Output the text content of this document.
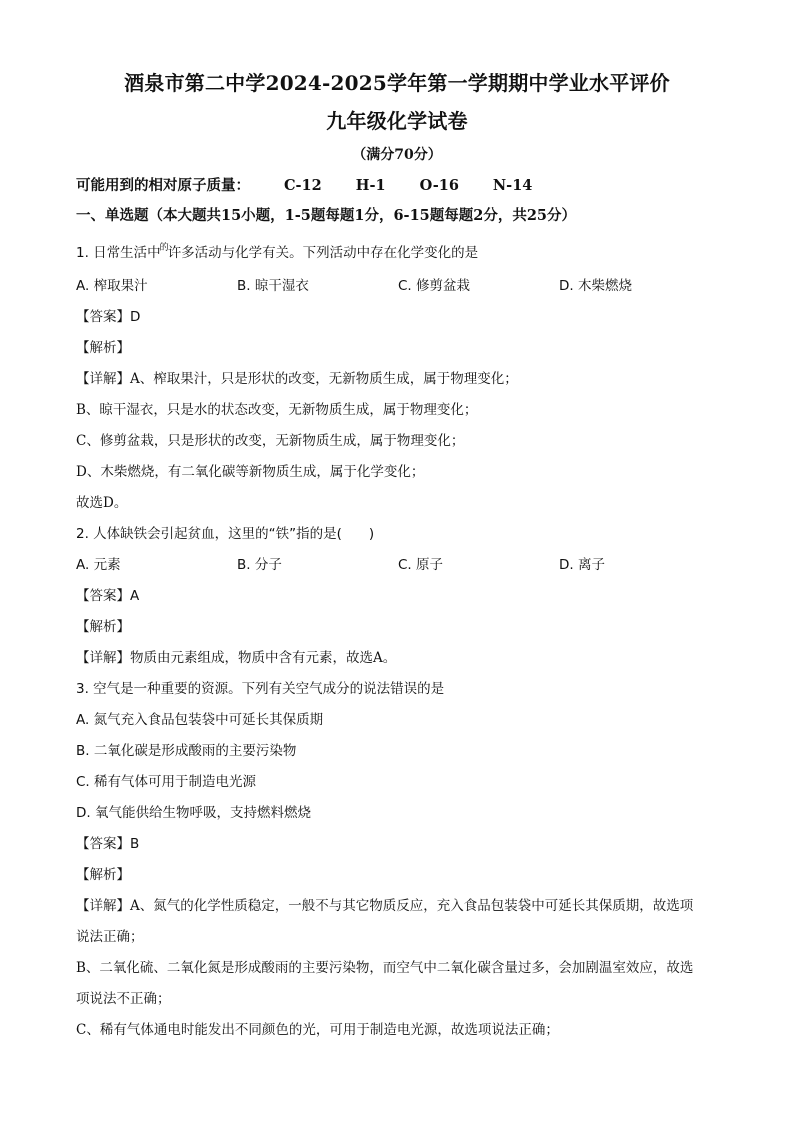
酒泉市第二中学2024-2025学年第一学期期中学业水平评价
九年级化学试卷
（满分70分）
可能用到的相对原子质量： C-12 H-1 O-16 N-14
一、单选题（本大题共15小题，1-5题每题1分，6-15题每题2分，共25分）
1. 日常生活中$^的$许多活动与化学有关。下列活动中存在化学变化的是
A. 榨取果汁	B. 晾干湿衣	C. 修剪盆栽	D. 木柴燃烧
【答案】D
【解析】
【详解】A、榨取果汁，只是形状的改变，无新物质生成，属于物理变化；
B、晾干湿衣，只是水的状态改变，无新物质生成，属于物理变化；
C、修剪盆栽，只是形状的改变，无新物质生成，属于物理变化；
D、木柴燃烧，有二氧化碳等新物质生成，属于化学变化；
故选D。
2. 人体缺铁会引起贫血，这里的“铁”指的是(　　)
A. 元素	B. 分子	C. 原子	D. 离子
【答案】A
【解析】
【详解】物质由元素组成，物质中含有元素，故选A。
3. 空气是一种重要的资源。下列有关空气成分的说法错误的是
A. 氮气充入食品包装袋中可延长其保质期
B. 二氧化碳是形成酸雨的主要污染物
C. 稀有气体可用于制造电光源
D. 氧气能供给生物呼吸，支持燃料燃烧
【答案】B
【解析】
【详解】A、氮气的化学性质稳定，一般不与其它物质反应，充入食品包装袋中可延长其保质期，故选项
说法正确；
B、二氧化硫、二氧化氮是形成酸雨的主要污染物，而空气中二氧化碳含量过多，会加剧温室效应，故选
项说法不正确；
C、稀有气体通电时能发出不同颜色的光，可用于制造电光源，故选项说法正确；
